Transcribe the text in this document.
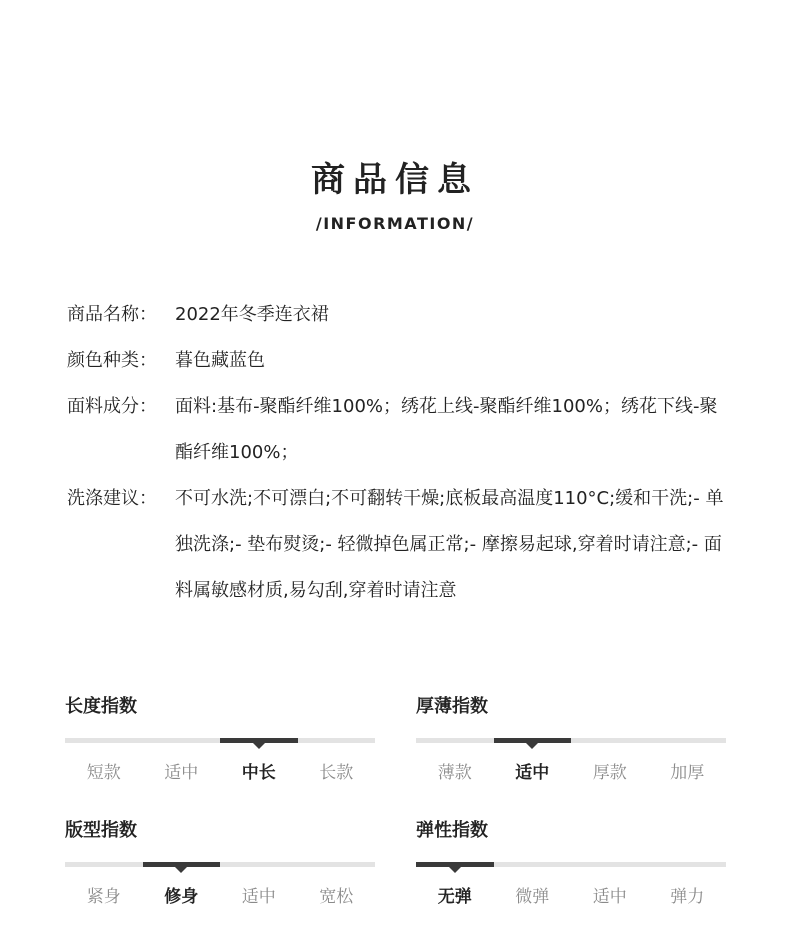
商品信息
/INFORMATION/
商品名称：	2022年冬季连衣裙
颜色种类：	暮色藏蓝色
面料成分：	面料:基布-聚酯纤维100%；绣花上线-聚酯纤维100%；绣花下线-聚酯纤维100%；
洗涤建议：	不可水洗;不可漂白;不可翻转干燥;底板最高温度110°C;缓和干洗;- 单独洗涤;- 垫布熨烫;- 轻微掉色属正常;- 摩擦易起球,穿着时请注意;- 面料属敏感材质,易勾刮,穿着时请注意
长度指数
短款	适中	中长	长款
厚薄指数
薄款	适中	厚款	加厚
版型指数
紧身	修身	适中	宽松
弹性指数
无弹	微弹	适中	弹力
